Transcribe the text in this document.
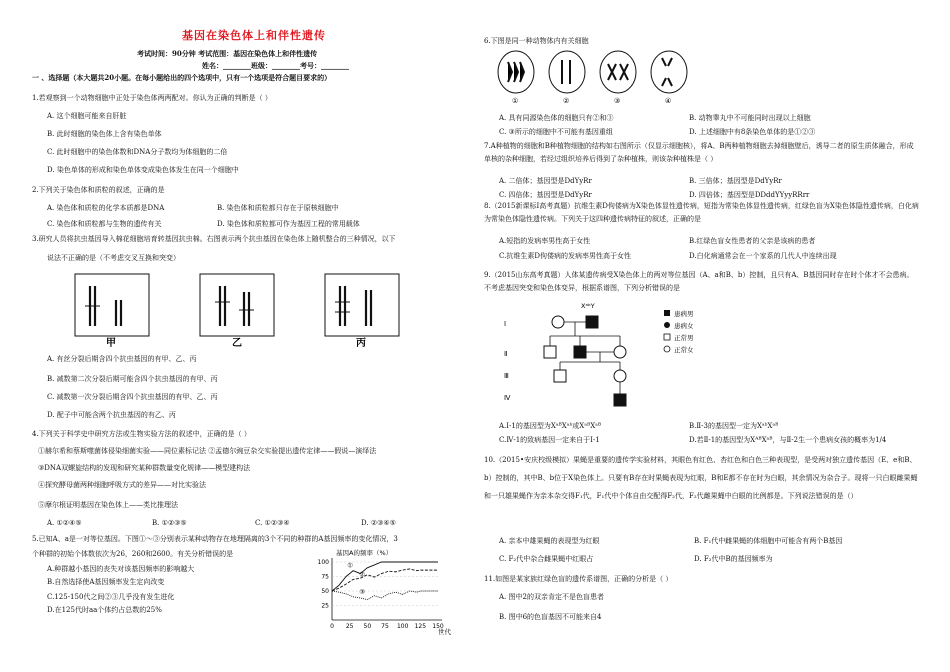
基因在染色体上和伴性遗传
考试时间：90分钟 考试范围：基因在染色体上和伴性遗传
姓名：________班级：________考号：________
一 、选择题（本大题共20小题。在每小题给出的四个选项中，只有一个选项是符合题目要求的）
1.若观察到一个动物细胞中正处于染色体两两配对。你认为正确的判断是（ ）
A. 这个细胞可能来自肝脏
B. 此时细胞的染色体上含有染色单体
C. 此时细胞中的染色体数和DNA分子数均为体细胞的二倍
D. 染色单体的形成和染色单体变成染色体发生在同一个细胞中
2.下列关于染色体和质粒的叙述，正确的是
A. 染色体和质粒的化学本质都是DNA	B. 染色体和质粒都只存在于原核细胞中
C. 染色体和质粒都与生物的遗传有关	D. 染色体和质粒都可作为基因工程的常用载体
3.研究人员将抗虫基因导入棉花细胞培育转基因抗虫棉。右图表示两个抗虫基因在染色体上随机整合的三种情况，以下
说法不正确的是（不考虑交叉互换和突变）
甲	乙	丙
A. 有丝分裂后期含四个抗虫基因的有甲、乙、丙
B. 减数第二次分裂后期可能含四个抗虫基因的有甲、丙
C. 减数第一次分裂后期含四个抗虫基因的有甲、乙、丙
D. 配子中可能含两个抗虫基因的有乙、丙
4.下列关于科学史中研究方法或生物实验方法的叙述中，正确的是（ ）
①赫尔希和蔡斯噬菌体侵染细菌实验——同位素标记法 ②孟德尔豌豆杂交实验提出遗传定律——假说—演绎法
③DNA双螺旋结构的发现和研究某种群数量变化规律——模型建构法
④探究酵母菌两种细胞呼吸方式的差异——对比实验法
⑤摩尔根证明基因在染色体上——类比推理法
A. ①②④⑤	B. ①②③⑤	C. ①②③④	D. ②③④⑤
5.已知A、a是一对等位基因。下图①～③分别表示某种动物存在地理隔离的3个不同的种群的A基因频率的变化情况，3
个种群的初始个体数依次为26，260和2600。有关分析错误的是
A.种群越小基因的丧失对该基因频率的影响越大
B.自然选择使A基因频率发生定向改变
C.125-150代之间②③几乎没有发生进化
D.在125代时aa个体约占总数的25%
基因A的频率（%）
世代
0 25 50 75 100 125 150
25
50
75
100	①
②
③
6.下图是同一种动物体内有关细胞
①	②	③	④
A. 具有同源染色体的细胞只有②和③	B. 动物睾丸中不可能同时出现以上细胞
C. ③所示的细胞中不可能有基因重组	D. 上述细胞中有8条染色单体的是①②③
7.A种植物的细胞和B种植物细胞的结构如右图所示（仅显示细胞核），将A、B两种植物细胞去掉细胞壁后，诱导二者的原生质体融合，形成单核的杂种细胞，若经过组织培养后得到了杂种植株，则该杂种植株是（ ）
A. 二倍体；基因型是DdYyRr	B. 三倍体；基因型是DdYyRr
C. 四倍体；基因型是DdYyRr	D. 四倍体；基因型是DDddYYyyRRrr
8.（2015新课标Ⅰ高考真题）抗维生素D佝偻病为X染色体显性遗传病，短指为常染色体显性遗传病，红绿色盲为X染色体隐性遗传病，白化病为常染色体隐性遗传病。下列关于这四种遗传病特征的叙述，正确的是
A.短指的发病率男性高于女性	B.红绿色盲女性患者的父亲是该病的患者
C.抗维生素D佝偻病的发病率男性高于女性	D.白化病通常会在一个家系的几代人中连续出现
9.（2015山东高考真题）人体某遗传病受X染色体上的两对等位基因（A、a和B、b）控制，且只有A、B基因同时存在时个体才不会患病。不考虑基因突变和染色体变异，根据系谱图，下列分析错误的是
Ⅰ
Ⅱ
Ⅲ
Ⅳ
XᵃᵇY
患病男
患病女
正常男
正常女
A.Ⅰ-1的基因型为XᵃᴮXᵃᵇ或XᵃᴮXᵃᴮ	B.Ⅱ-3的基因型一定为XᵃᵇXᵃᴮ
C.Ⅳ-1的致病基因一定来自于Ⅰ-1	D.若Ⅱ-1的基因型为XᴬᴮXᵃᴮ，与Ⅱ-2生一个患病女孩的概率为1/4
10.（2015•安庆校级模拟）果蝇是重要的遗传学实验材料，其眼色有红色、杏红色和白色三种表现型，是受两对独立遗传基因（E、e和B、b）控制的，其中B、b位于X染色体上。只要有B存在时果蝇表现为红眼，B和E都不存在时为白眼，其余情况为杂合子。现将一只白眼雌果蝇和一只雄果蝇作为亲本杂交得F₁代，F₁代中个体自由交配得F₂代，F₂代雌果蝇中白眼的比例都是。下列说法错误的是（）
A. 亲本中雄果蝇的表现型为红眼	B. F₁代中雌果蝇的体细胞中可能含有两个B基因
C. F₂代中杂合雌果蝇中红眼占	D. F₂代中B的基因频率为
11.如图是某家族红绿色盲的遗传系谱图，正确的分析是（ ）
A. 图中2的双亲肯定不是色盲患者
B. 图中6的色盲基因不可能来自4
